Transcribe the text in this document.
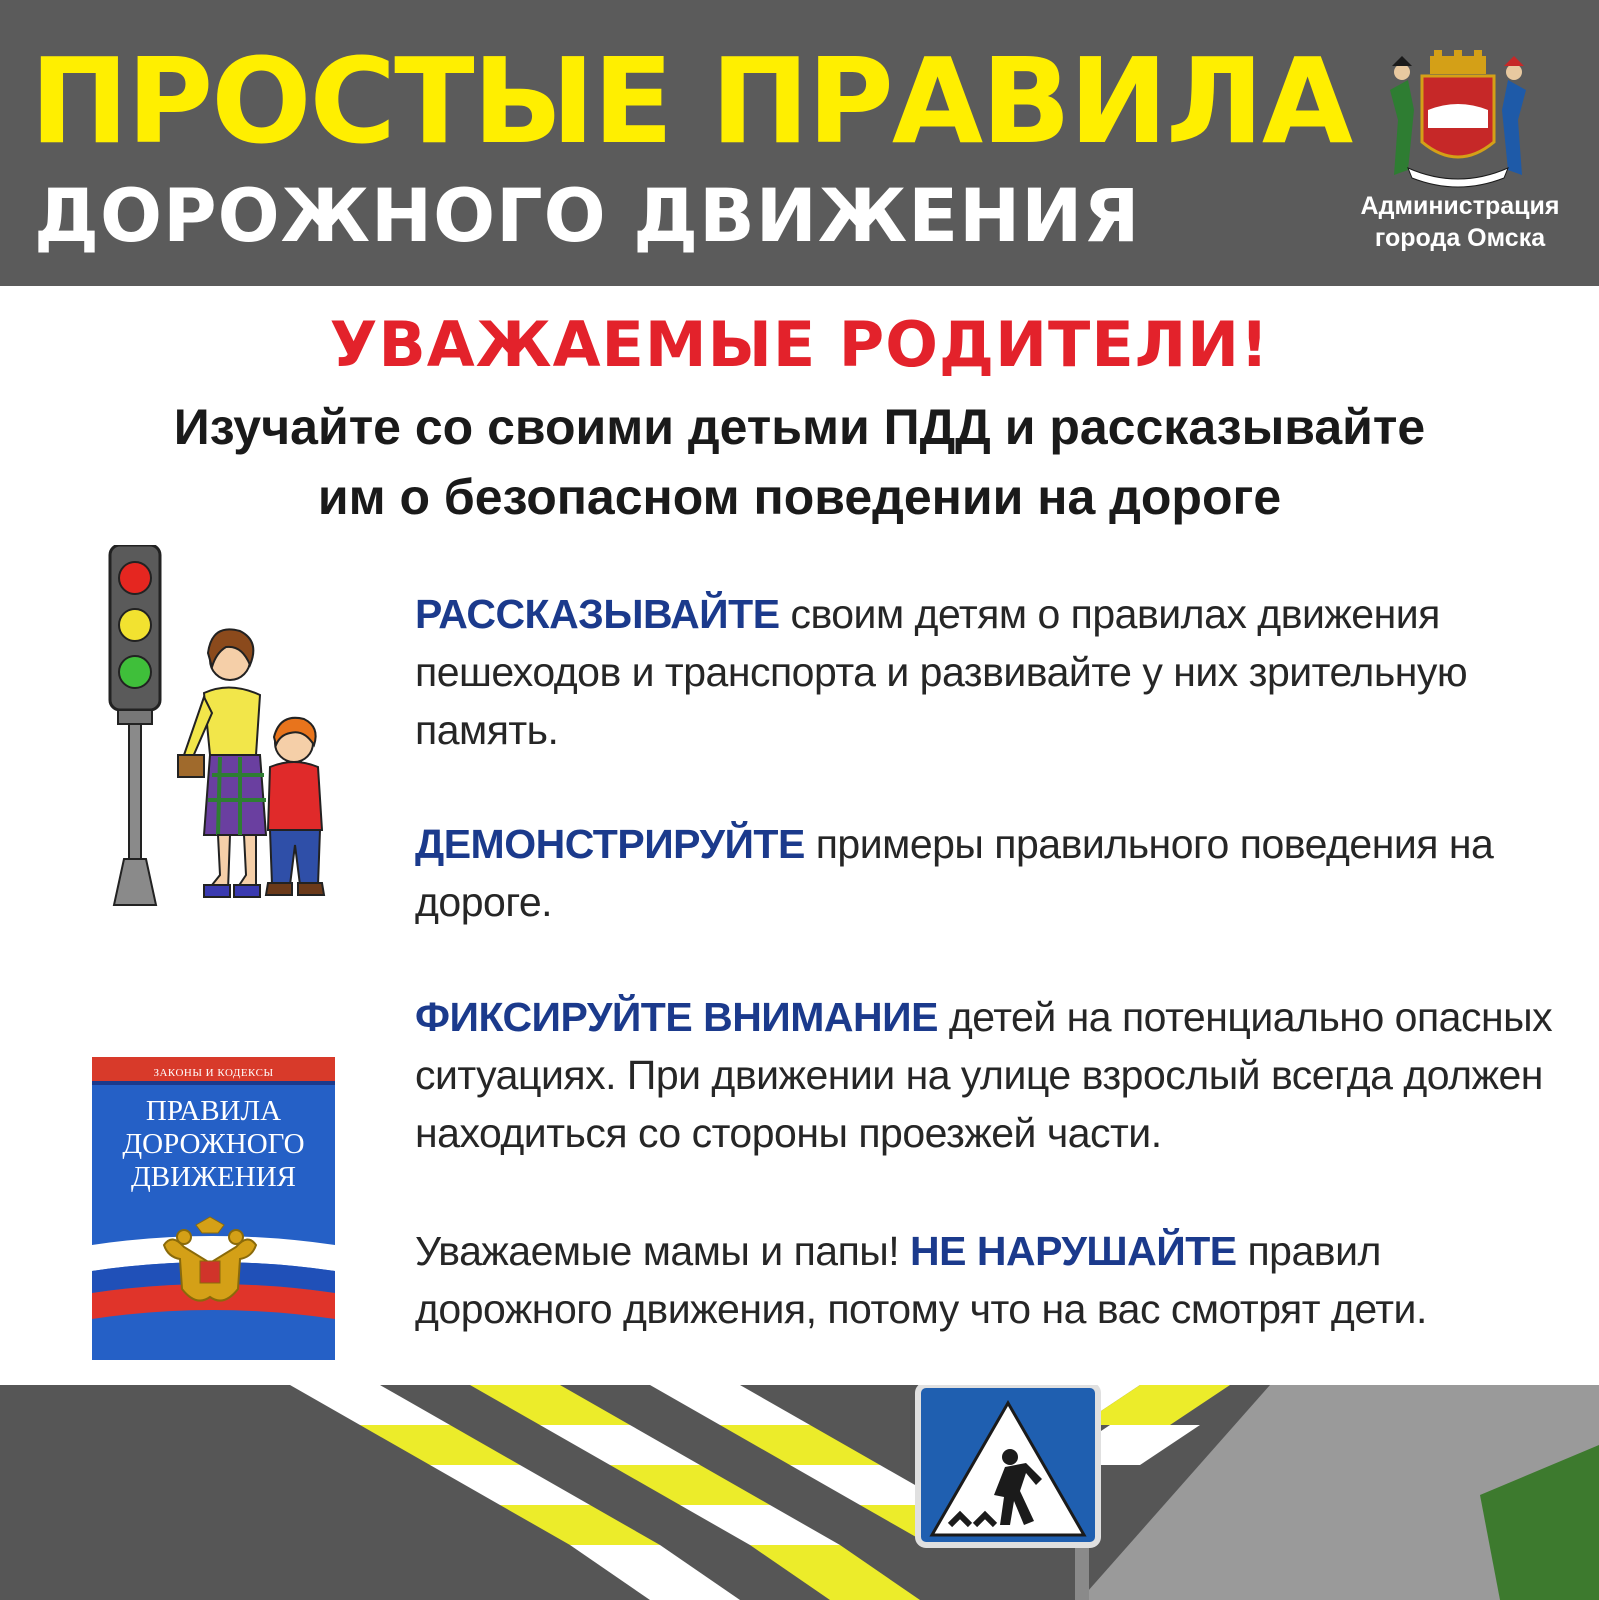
ПРОСТЫЕ ПРАВИЛА
ДОРОЖНОГО ДВИЖЕНИЯ	Администрация
города Омска
УВАЖАЕМЫЕ РОДИТЕЛИ!
Изучайте со своими детьми ПДД и рассказывайте
им о безопасном поведении на дороге

РАССКАЗЫВАЙТЕ своим детям о правилах движения пешеходов и транспорта и развивайте у них зрительную память.

ДЕМОНСТРИРУЙТЕ примеры правильного поведения на дороге.

ФИКСИРУЙТЕ ВНИМАНИЕ детей на потенциально опасных ситуациях. При движении на улице взрослый всегда должен находиться со стороны проезжей части.

Уважаемые мамы и папы! НЕ НАРУШАЙТЕ правил дорожного движения, потому что на вас смотрят дети.

ЗАКОНЫ И КОДЕКСЫ
ПРАВИЛА
ДОРОЖНОГО
ДВИЖЕНИЯ
